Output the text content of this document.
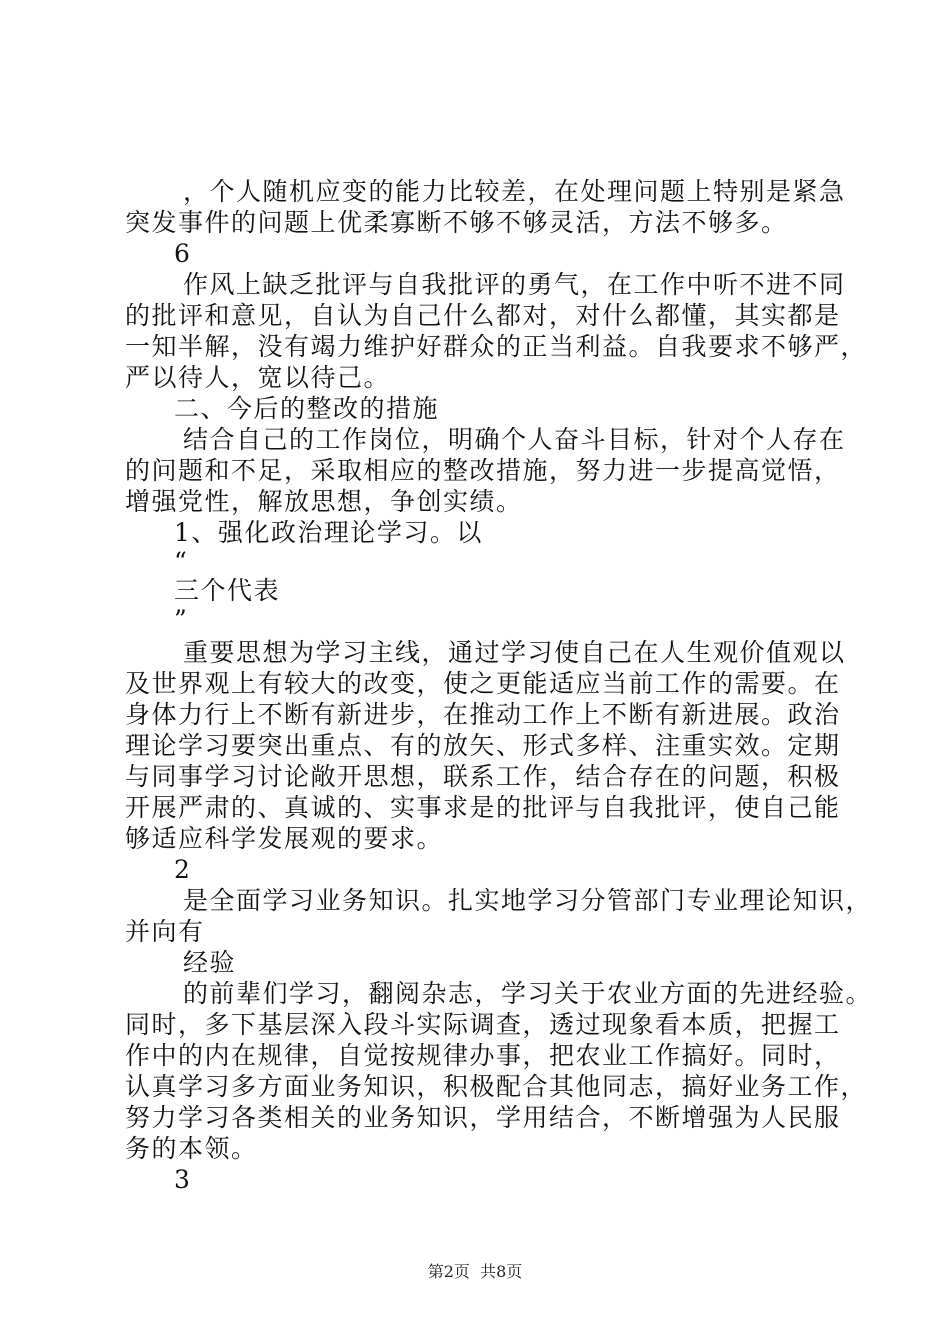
，个人随机应变的能力比较差，在处理问题上特别是紧急
突发事件的问题上优柔寡断不够不够灵活，方法不够多。
6
作风上缺乏批评与自我批评的勇气，在工作中听不进不同
的批评和意见，自认为自己什么都对，对什么都懂，其实都是
一知半解，没有竭力维护好群众的正当利益。自我要求不够严，
严以待人，宽以待己。
二、今后的整改的措施
结合自己的工作岗位，明确个人奋斗目标，针对个人存在
的问题和不足，采取相应的整改措施，努力进一步提高觉悟，
增强党性，解放思想，争创实绩。
1、强化政治理论学习。以
“
三个代表
”
重要思想为学习主线，通过学习使自己在人生观价值观以
及世界观上有较大的改变，使之更能适应当前工作的需要。在
身体力行上不断有新进步，在推动工作上不断有新进展。政治
理论学习要突出重点、有的放矢、形式多样、注重实效。定期
与同事学习讨论敞开思想，联系工作，结合存在的问题，积极
开展严肃的、真诚的、实事求是的批评与自我批评，使自己能
够适应科学发展观的要求。
2
是全面学习业务知识。扎实地学习分管部门专业理论知识，
并向有
经验
的前辈们学习，翻阅杂志，学习关于农业方面的先进经验。
同时，多下基层深入段斗实际调查，透过现象看本质，把握工
作中的内在规律，自觉按规律办事，把农业工作搞好。同时，
认真学习多方面业务知识，积极配合其他同志，搞好业务工作，
努力学习各类相关的业务知识，学用结合，不断增强为人民服
务的本领。
3
第2页 共8页
